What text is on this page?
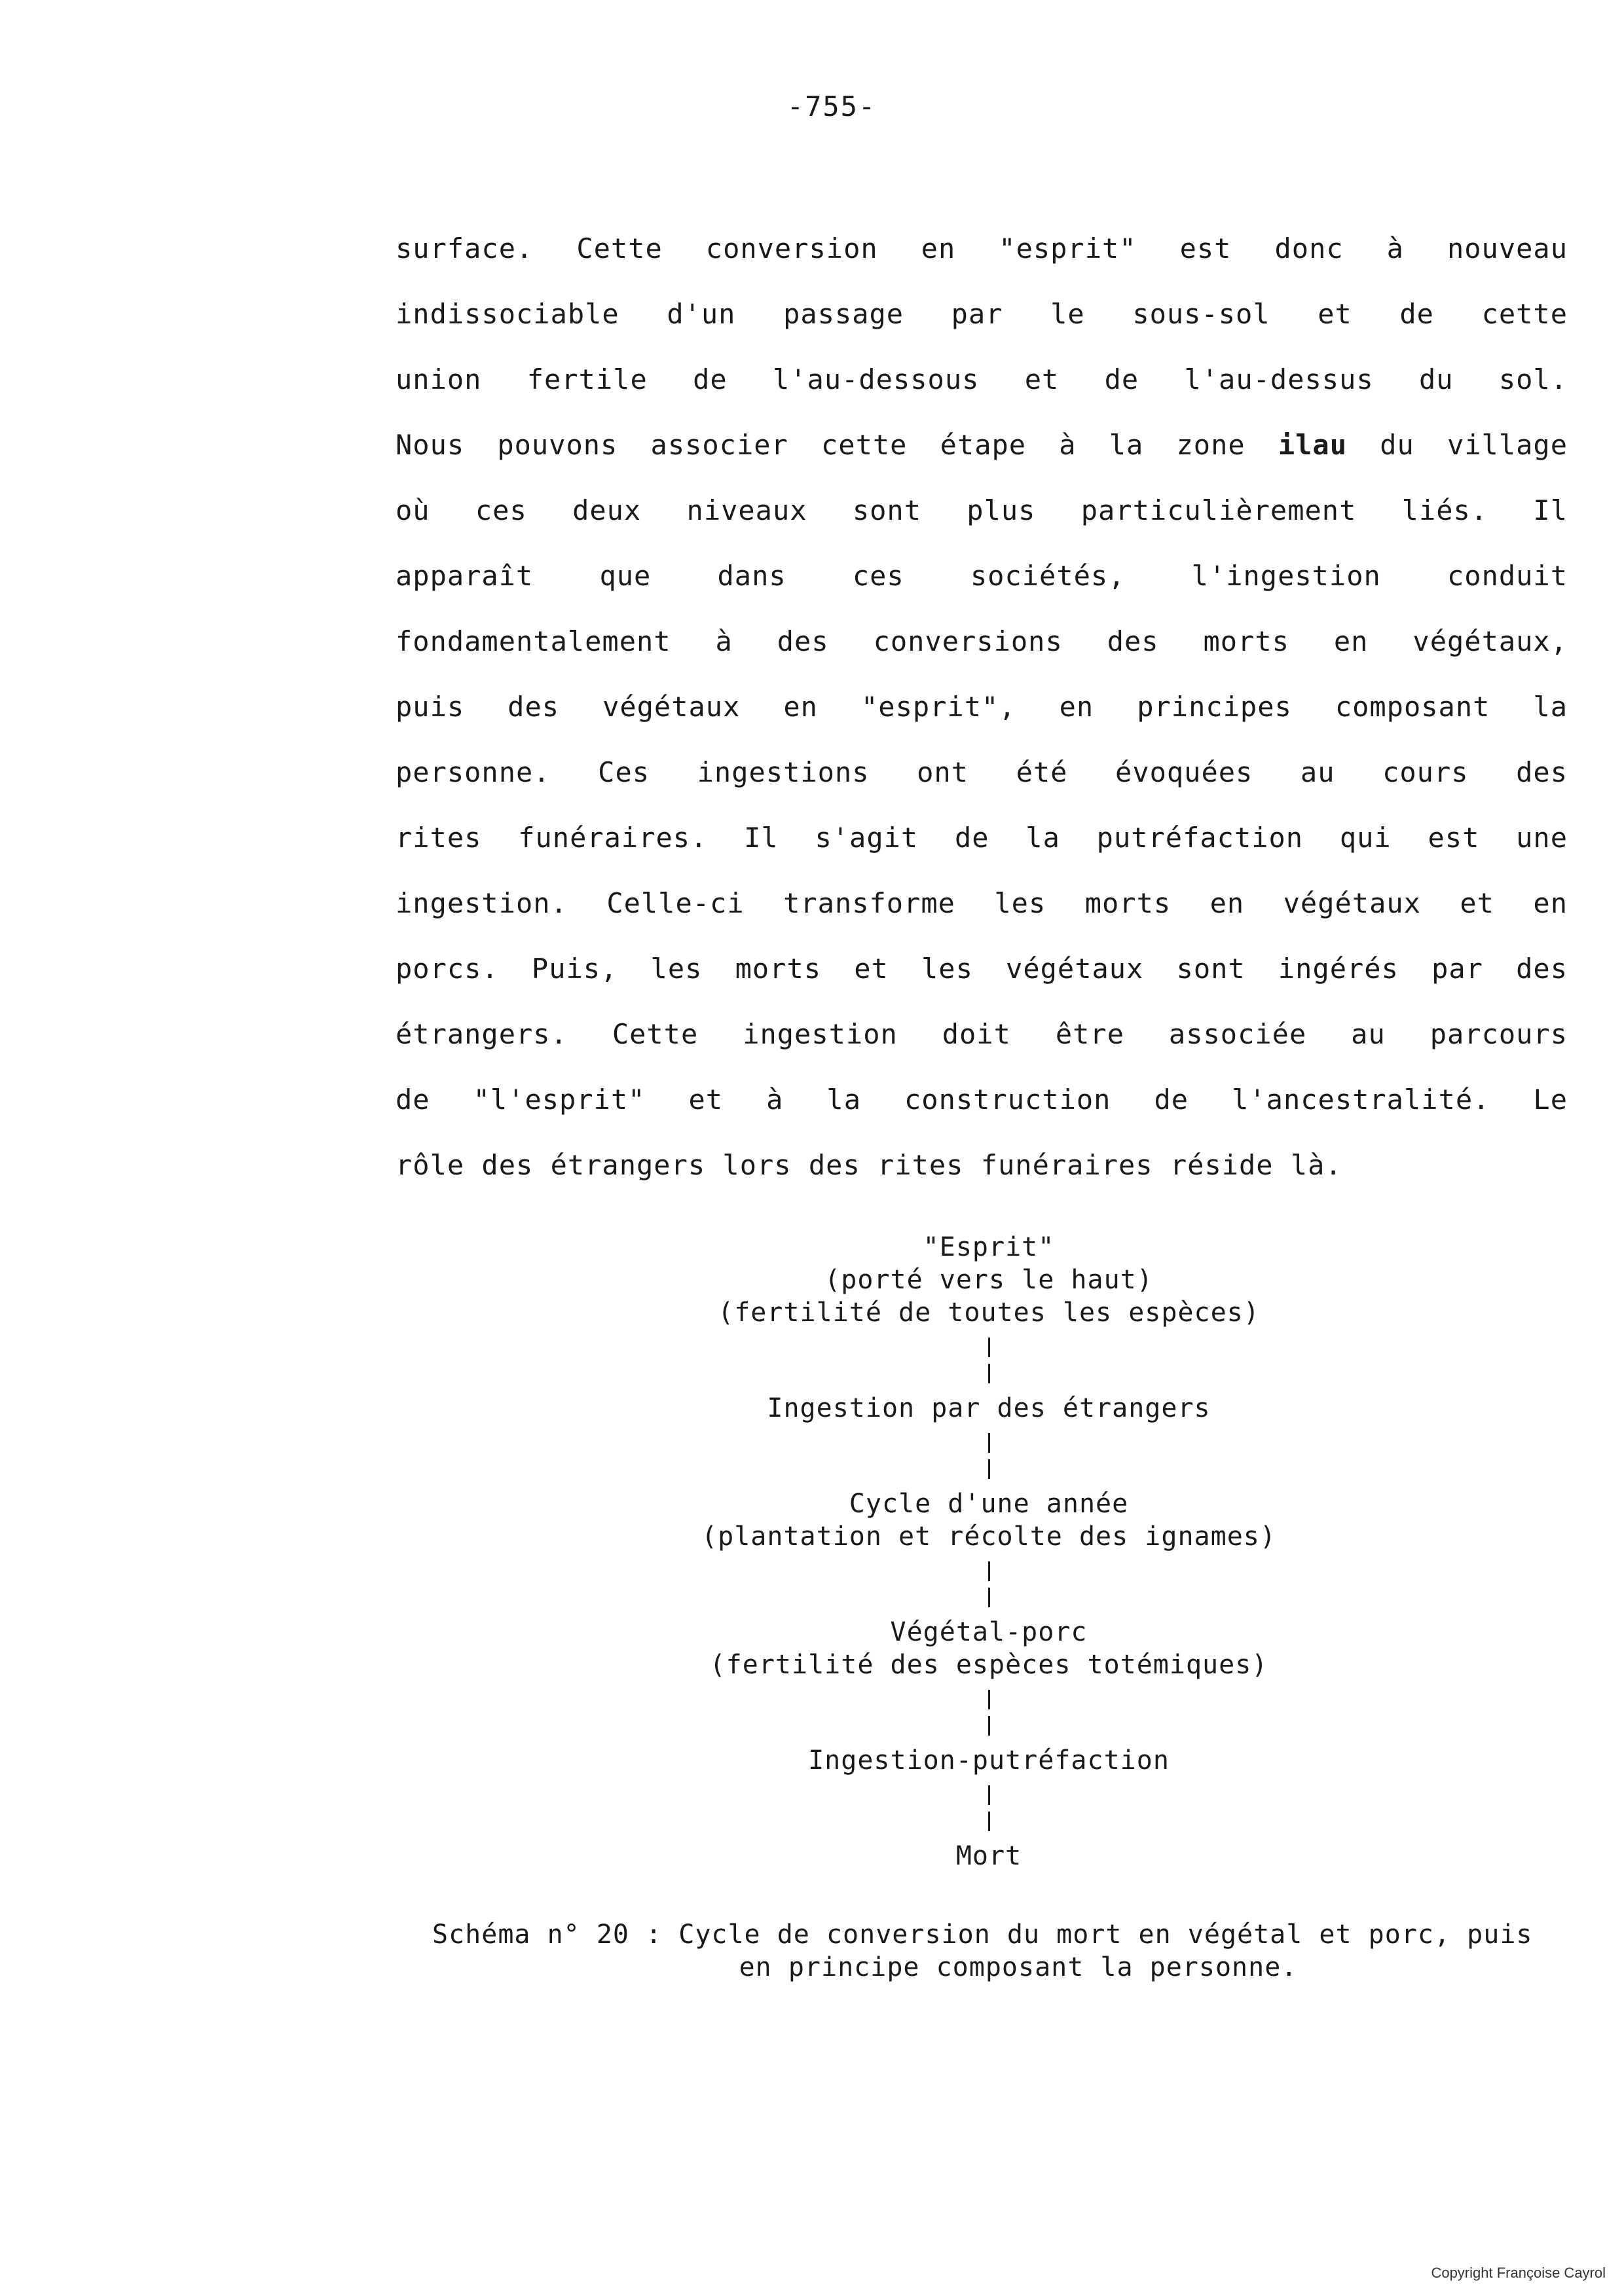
-755-
surface. Cette conversion en "esprit" est donc à nouveau
indissociable d'un passage par le sous-sol et de cette
union fertile de l'au-dessous et de l'au-dessus du sol.
Nous pouvons associer cette étape à la zone ilau du village
où ces deux niveaux sont plus particulièrement liés. Il
apparaît que dans ces sociétés, l'ingestion conduit
fondamentalement à des conversions des morts en végétaux,
puis des végétaux en "esprit", en principes composant la
personne. Ces ingestions ont été évoquées au cours des
rites funéraires. Il s'agit de la putréfaction qui est une
ingestion. Celle-ci transforme les morts en végétaux et en
porcs. Puis, les morts et les végétaux sont ingérés par des
étrangers. Cette ingestion doit être associée au parcours
de "l'esprit" et à la construction de l'ancestralité. Le
rôle des étrangers lors des rites funéraires réside là.
"Esprit"
(porté vers le haut)
(fertilité de toutes les espèces)
Ingestion par des étrangers
Cycle d'une année
(plantation et récolte des ignames)
Végétal-porc
(fertilité des espèces totémiques)
Ingestion-putréfaction
Mort
Schéma n° 20 : Cycle de conversion du mort en végétal et porc, puis
en principe composant la personne.
Copyright Françoise Cayrol
